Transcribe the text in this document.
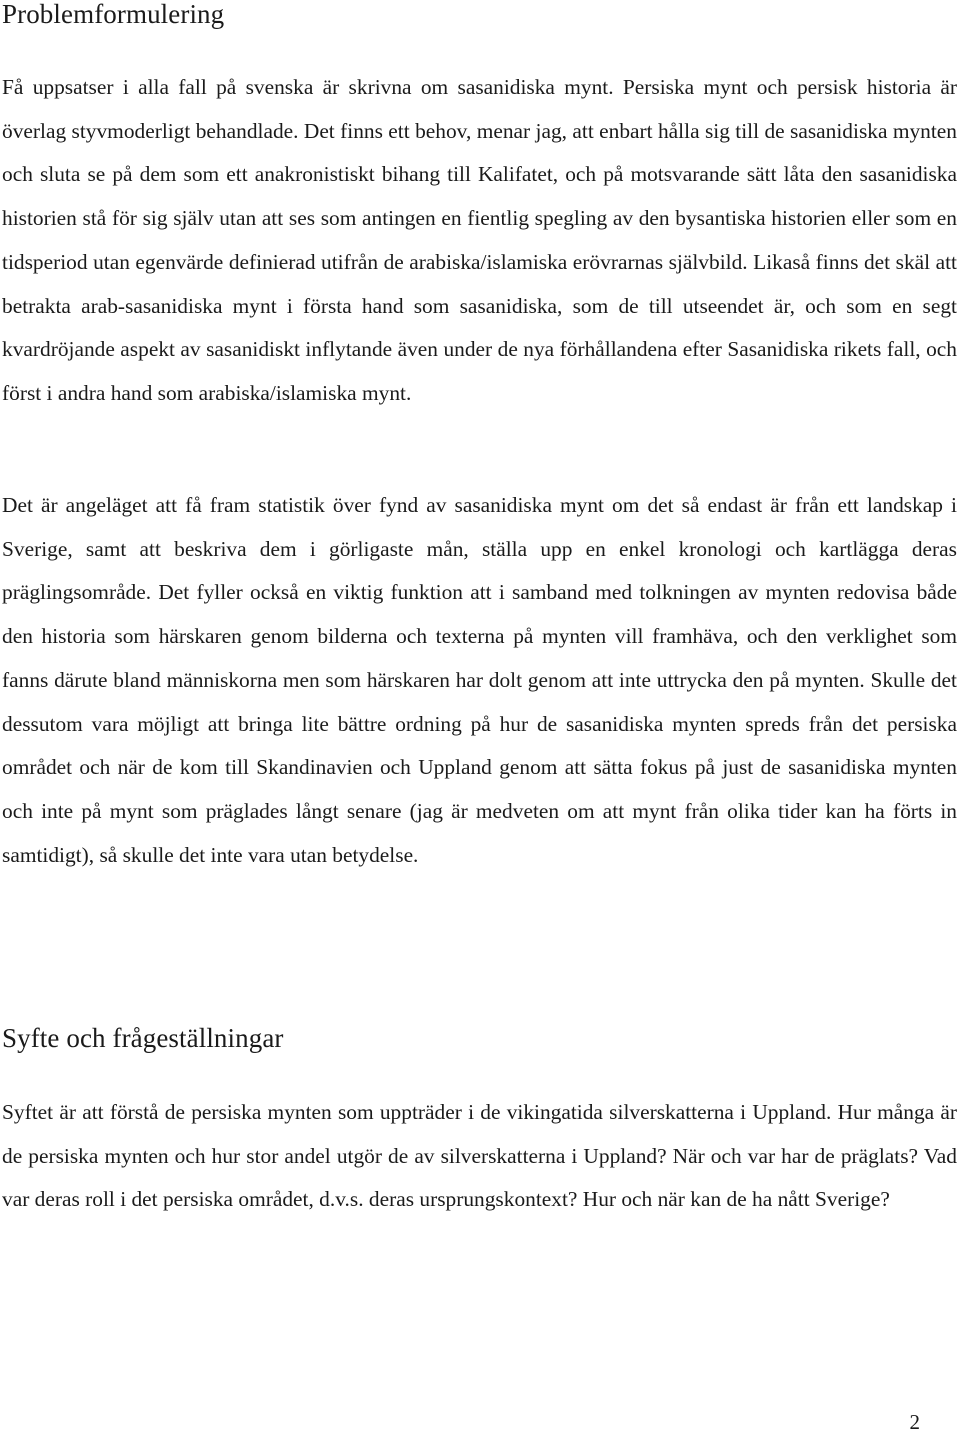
Problemformulering

Få uppsatser i alla fall på svenska är skrivna om sasanidiska mynt. Persiska mynt och persisk historia är överlag styvmoderligt behandlade. Det finns ett behov, menar jag, att enbart hålla sig till de sasanidiska mynten och sluta se på dem som ett anakronistiskt bihang till Kalifatet, och på motsvarande sätt låta den sasanidiska historien stå för sig själv utan att ses som antingen en fientlig spegling av den bysantiska historien eller som en tidsperiod utan egenvärde definierad utifrån de arabiska/islamiska erövrarnas självbild. Likaså finns det skäl att betrakta arab-sasanidiska mynt i första hand som sasanidiska, som de till utseendet är, och som en segt kvardröjande aspekt av sasanidiskt inflytande även under de nya förhållandena efter Sasanidiska rikets fall, och först i andra hand som arabiska/islamiska mynt.

Det är angeläget att få fram statistik över fynd av sasanidiska mynt om det så endast är från ett landskap i Sverige, samt att beskriva dem i görligaste mån, ställa upp en enkel kronologi och kartlägga deras präglingsområde. Det fyller också en viktig funktion att i samband med tolkningen av mynten redovisa både den historia som härskaren genom bilderna och texterna på mynten vill framhäva, och den verklighet som fanns därute bland människorna men som härskaren har dolt genom att inte uttrycka den på mynten. Skulle det dessutom vara möjligt att bringa lite bättre ordning på hur de sasanidiska mynten spreds från det persiska området och när de kom till Skandinavien och Uppland genom att sätta fokus på just de sasanidiska mynten och inte på mynt som präglades långt senare (jag är medveten om att mynt från olika tider kan ha förts in samtidigt), så skulle det inte vara utan betydelse.

Syfte och frågeställningar

Syftet är att förstå de persiska mynten som uppträder i de vikingatida silverskatterna i Uppland. Hur många är de persiska mynten och hur stor andel utgör de av silverskatterna i Uppland? När och var har de präglats? Vad var deras roll i det persiska området, d.v.s. deras ursprungskontext? Hur och när kan de ha nått Sverige?

2
